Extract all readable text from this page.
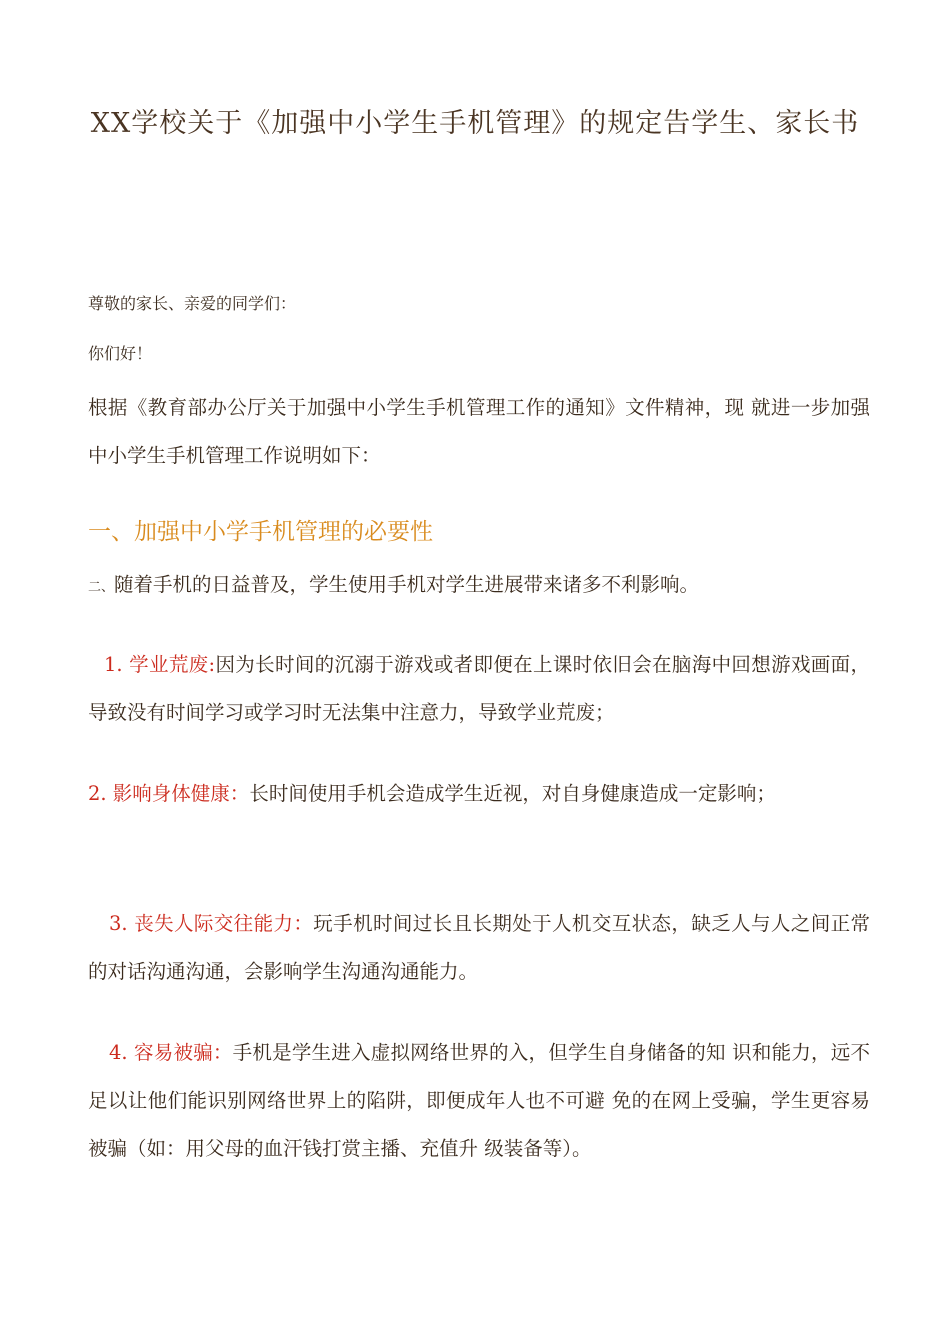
XX学校关于《加强中小学生手机管理》的规定告学生、家长书

尊敬的家长、亲爱的同学们：

你们好！

根据《教育部办公厅关于加强中小学生手机管理工作的通知》文件精神，现 就进一步加强中小学生手机管理工作说明如下：

一、加强中小学手机管理的必要性

二、随着手机的日益普及，学生使用手机对学生进展带来诸多不利影响。

1. 学业荒废:因为长时间的沉溺于游戏或者即便在上课时依旧会在脑海中回想游戏画面，导致没有时间学习或学习时无法集中注意力，导致学业荒废；

2. 影响身体健康：长时间使用手机会造成学生近视，对自身健康造成一定影响；

3. 丧失人际交往能力：玩手机时间过长且长期处于人机交互状态，缺乏人与人之间正常的对话沟通沟通，会影响学生沟通沟通能力。

4. 容易被骗：手机是学生进入虚拟网络世界的入，但学生自身储备的知 识和能力，远不足以让他们能识别网络世界上的陷阱，即便成年人也不可避 免的在网上受骗，学生更容易被骗（如：用父母的血汗钱打赏主播、充值升 级装备等）。
